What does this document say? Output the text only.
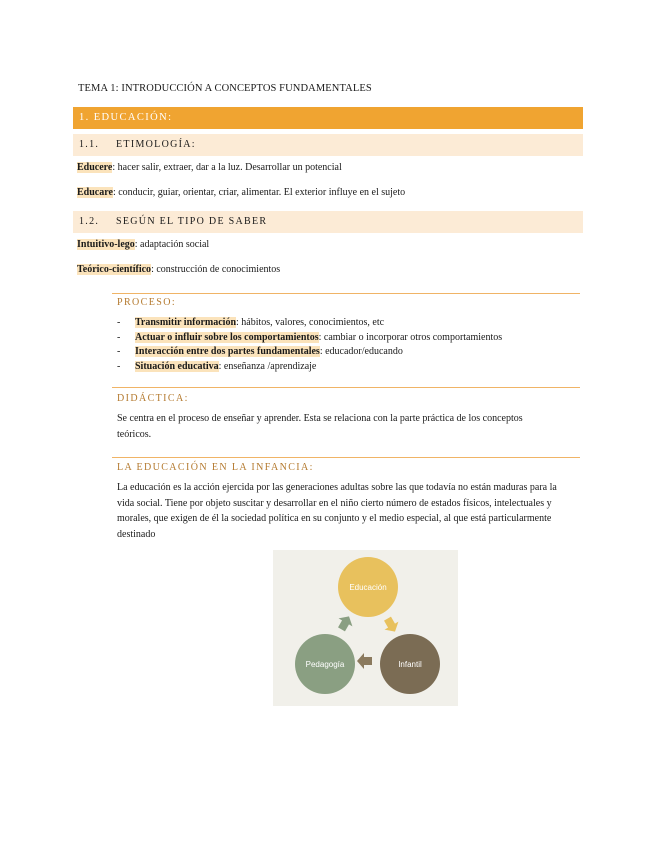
TEMA 1: INTRODUCCIÓN A CONCEPTOS FUNDAMENTALES
1. EDUCACIÓN:
1.1. ETIMOLOGÍA:
Educere: hacer salir, extraer, dar a la luz. Desarrollar un potencial
Educare: conducir, guiar, orientar, criar, alimentar. El exterior influye en el sujeto
1.2. SEGÚN EL TIPO DE SABER
Intuitivo-lego: adaptación social
Teórico-científico: construcción de conocimientos
PROCESO:
- Transmitir información: hábitos, valores, conocimientos, etc
- Actuar o influir sobre los comportamientos: cambiar o incorporar otros comportamientos
- Interacción entre dos partes fundamentales: educador/educando
- Situación educativa: enseñanza /aprendizaje
DIDÁCTICA:
Se centra en el proceso de enseñar y aprender. Esta se relaciona con la parte práctica de los conceptos teóricos.
LA EDUCACIÓN EN LA INFANCIA:
La educación es la acción ejercida por las generaciones adultas sobre las que todavía no están maduras para la vida social. Tiene por objeto suscitar y desarrollar en el niño cierto número de estados físicos, intelectuales y morales, que exigen de él la sociedad política en su conjunto y el medio especial, al que está particularmente destinado
Educación
Infantil
Pedagogía
